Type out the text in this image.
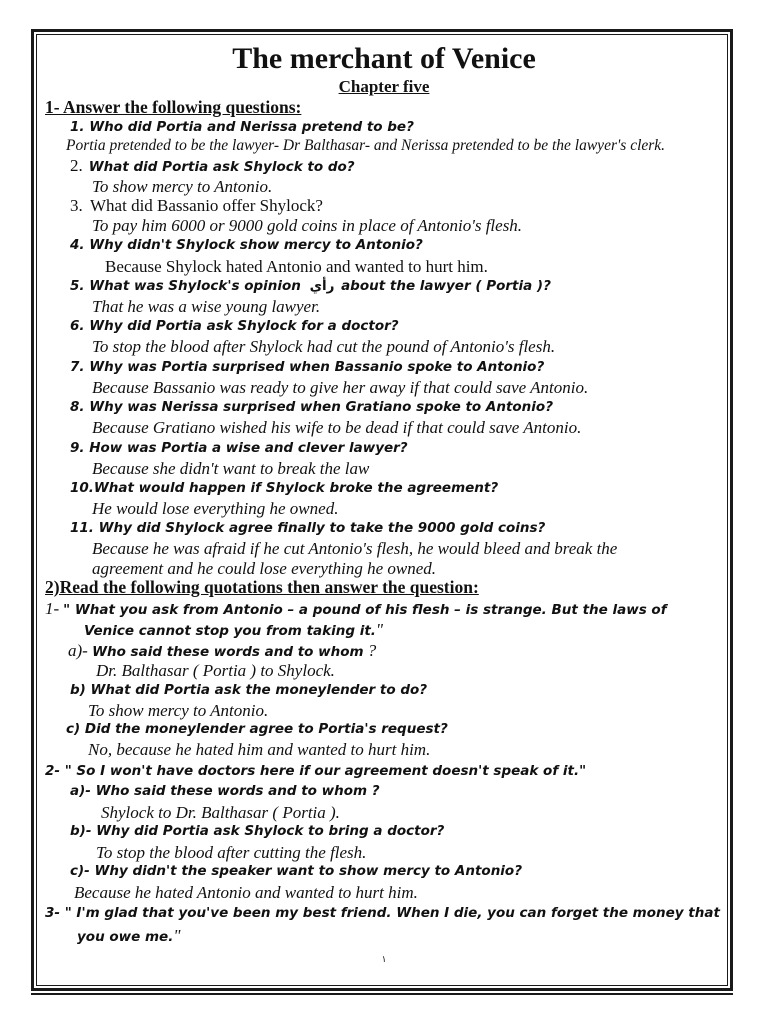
The merchant of Venice
Chapter five
1- Answer the following questions:
1. Who did Portia and Nerissa pretend to be?
Portia pretended to be the lawyer- Dr Balthasar- and Nerissa pretended to be the lawyer's clerk.
2. What did Portia ask Shylock to do?
To show mercy to Antonio.
3. What did Bassanio offer Shylock?
To pay him 6000 or 9000 gold coins in place of Antonio's flesh.
4. Why didn't Shylock show mercy to Antonio?
Because Shylock hated Antonio and wanted to hurt him.
5. What was Shylock's opinion رأي about the lawyer ( Portia )?
That he was a wise young lawyer.
6. Why did Portia ask Shylock for a doctor?
To stop the blood after Shylock had cut the pound of Antonio's flesh.
7. Why was Portia surprised when Bassanio spoke to Antonio?
Because Bassanio was ready to give her away if that could save Antonio.
8. Why was Nerissa surprised when Gratiano spoke to Antonio?
Because Gratiano wished his wife to be dead if that could save Antonio.
9. How was Portia a wise and clever lawyer?
Because she didn't want to break the law
10.What would happen if Shylock broke the agreement?
He would lose everything he owned.
11. Why did Shylock agree finally to take the 9000 gold coins?
Because he was afraid if he cut Antonio's flesh, he would bleed and break the
agreement and he could lose everything he owned.
2)Read the following quotations then answer the question:
1- " What you ask from Antonio – a pound of his flesh – is strange. But the laws of
Venice cannot stop you from taking it."
a)- Who said these words and to whom ?
Dr. Balthasar ( Portia ) to Shylock.
b) What did Portia ask the moneylender to do?
To show mercy to Antonio.
c) Did the moneylender agree to Portia's request?
No, because he hated him and wanted to hurt him.
2- " So I won't have doctors here if our agreement doesn't speak of it."
a)- Who said these words and to whom ?
Shylock to Dr. Balthasar ( Portia ).
b)- Why did Portia ask Shylock to bring a doctor?
To stop the blood after cutting the flesh.
c)- Why didn't the speaker want to show mercy to Antonio?
Because he hated Antonio and wanted to hurt him.
3- " I'm glad that you've been my best friend. When I die, you can forget the money that
you owe me."
١
